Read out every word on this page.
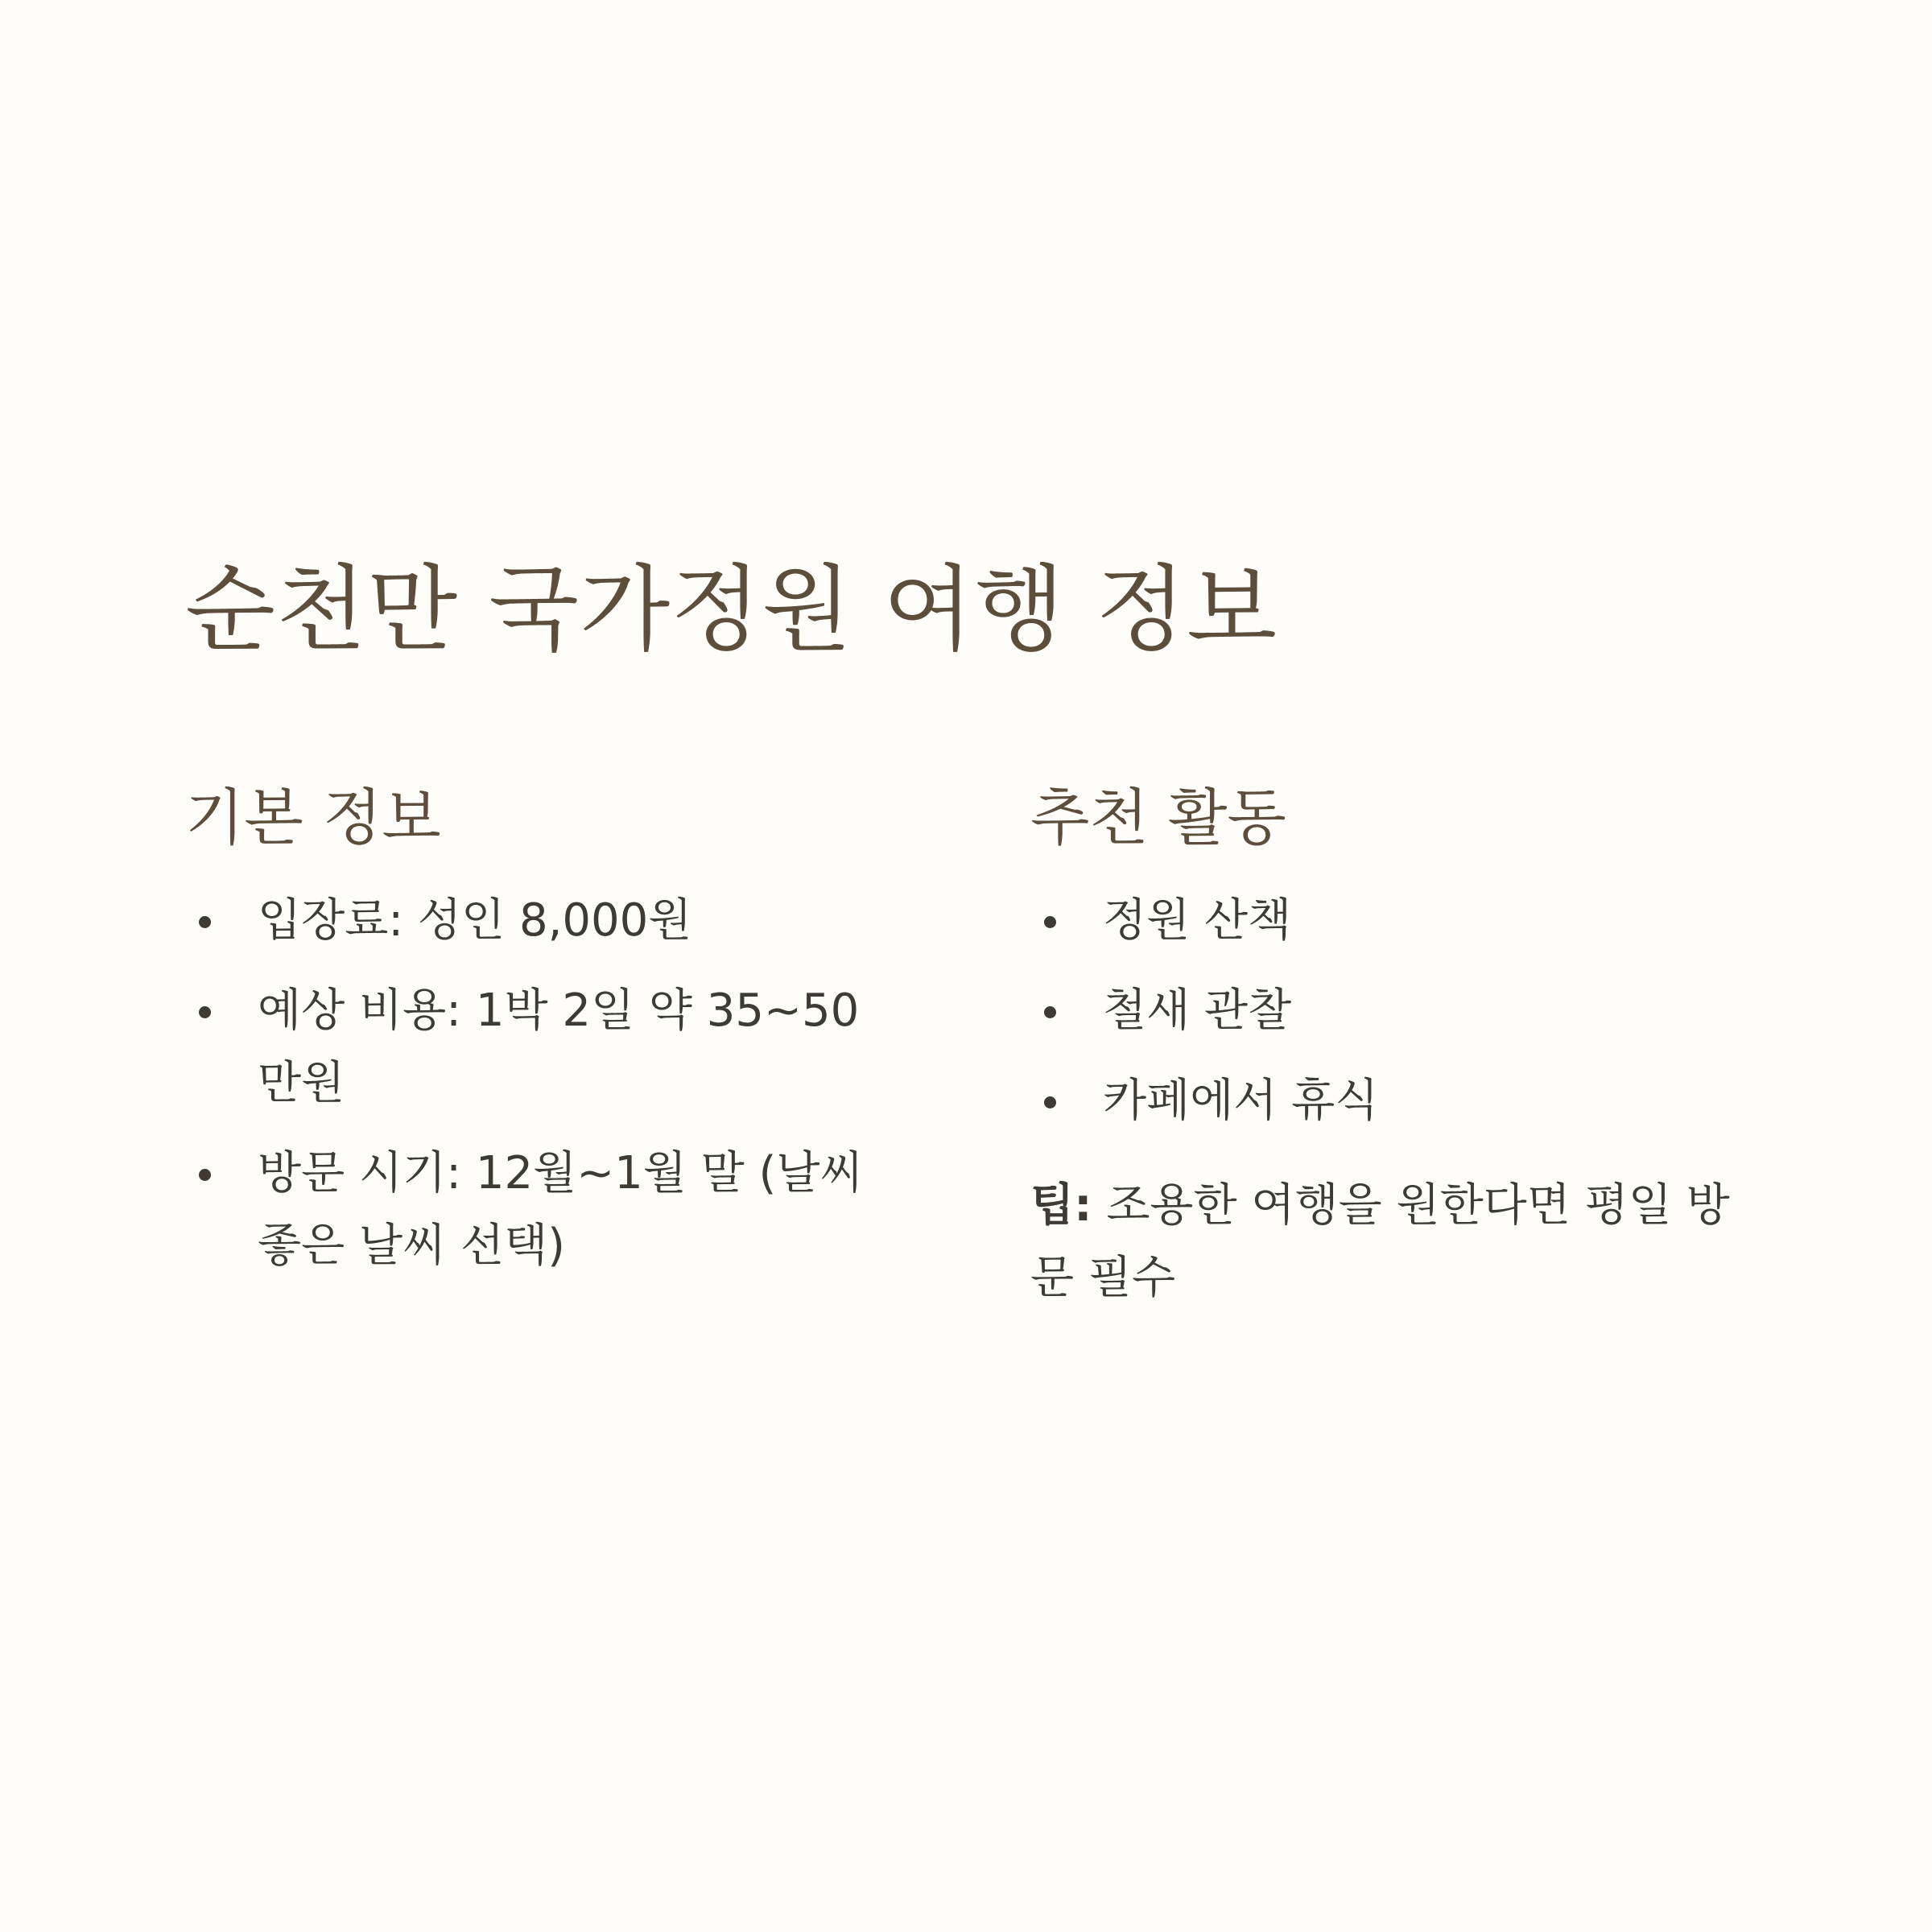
순천만 국가정원 여행 정보
기본 정보
입장료: 성인 8,000원
예상 비용: 1박 2일 약 35~50만원
방문 시기: 12월~1월 말 (날씨 좋은 날씨 선택)
추천 활동
정원 산책
철새 관찰
카페에서 휴식

팁: 조용한 여행을 원한다면 평일 방문 필수
